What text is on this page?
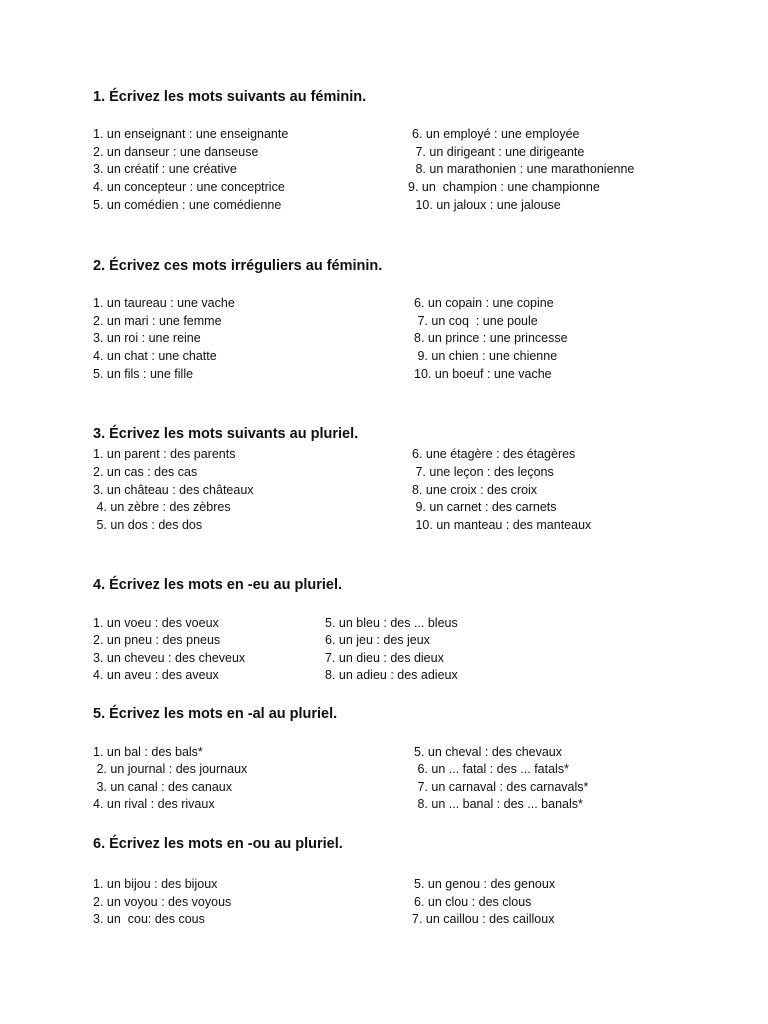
1. Écrivez les mots suivants au féminin.

1. un enseignant : une enseignante

2. un danseur : une danseuse

3. un créatif : une créative

4. un concepteur : une conceptrice

5. un comédien : une comédienne

6. un employé : une employée

7. un dirigeant : une dirigeante

8. un marathonien : une marathonienne

9. un  champion : une championne

10. un jaloux : une jalouse

2. Écrivez ces mots irréguliers au féminin.

1. un taureau : une vache

2. un mari : une femme

3. un roi : une reine

4. un chat : une chatte

5. un fils : une fille

6. un copain : une copine

7. un coq  : une poule

8. un prince : une princesse

9. un chien : une chienne

10. un boeuf : une vache

3. Écrivez les mots suivants au pluriel.

1. un parent : des parents

2. un cas : des cas

3. un château : des châteaux

4. un zèbre : des zèbres

5. un dos : des dos

6. une étagère : des étagères

7. une leçon : des leçons

8. une croix : des croix

9. un carnet : des carnets

10. un manteau : des manteaux

4. Écrivez les mots en -eu au pluriel.

1. un voeu : des voeux

2. un pneu : des pneus

3. un cheveu : des cheveux

4. un aveu : des aveux

5. un bleu : des ... bleus

6. un jeu : des jeux

7. un dieu : des dieux

8. un adieu : des adieux

5. Écrivez les mots en -al au pluriel.

1. un bal : des bals*

2. un journal : des journaux

3. un canal : des canaux

4. un rival : des rivaux

5. un cheval : des chevaux

6. un ... fatal : des ... fatals*

7. un carnaval : des carnavals*

8. un ... banal : des ... banals*

6. Écrivez les mots en -ou au pluriel.

1. un bijou : des bijoux

2. un voyou : des voyous

3. un  cou: des cous

5. un genou : des genoux

6. un clou : des clous

7. un caillou : des cailloux
